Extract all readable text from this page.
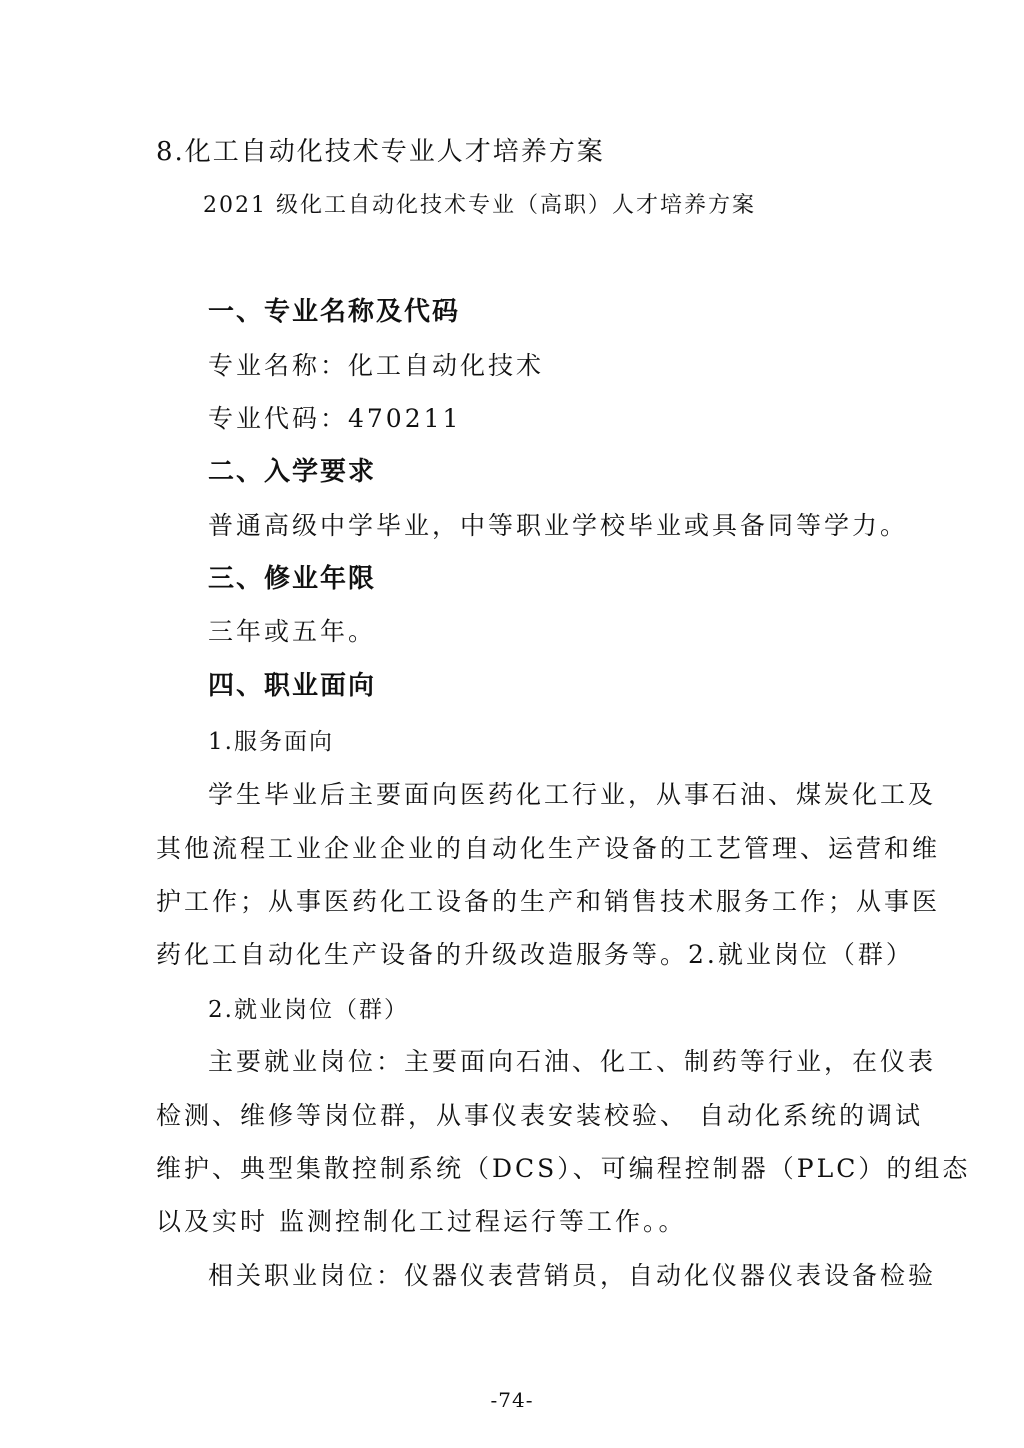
8.化工自动化技术专业人才培养方案
2021 级化工自动化技术专业（高职）人才培养方案
一、专业名称及代码
专业名称：化工自动化技术
专业代码：470211
二、入学要求
普通高级中学毕业，中等职业学校毕业或具备同等学力。
三、修业年限
三年或五年。
四、职业面向
1.服务面向
学生毕业后主要面向医药化工行业，从事石油、煤炭化工及
其他流程工业企业企业的自动化生产设备的工艺管理、运营和维
护工作；从事医药化工设备的生产和销售技术服务工作；从事医
药化工自动化生产设备的升级改造服务等。2.就业岗位（群）
2.就业岗位（群）
主要就业岗位：主要面向石油、化工、制药等行业，在仪表
检测、维修等岗位群，从事仪表安装校验、 自动化系统的调试
维护、典型集散控制系统（DCS）、可编程控制器（PLC）的组态
以及实时 监测控制化工过程运行等工作。。
相关职业岗位：仪器仪表营销员，自动化仪器仪表设备检验
-74-
